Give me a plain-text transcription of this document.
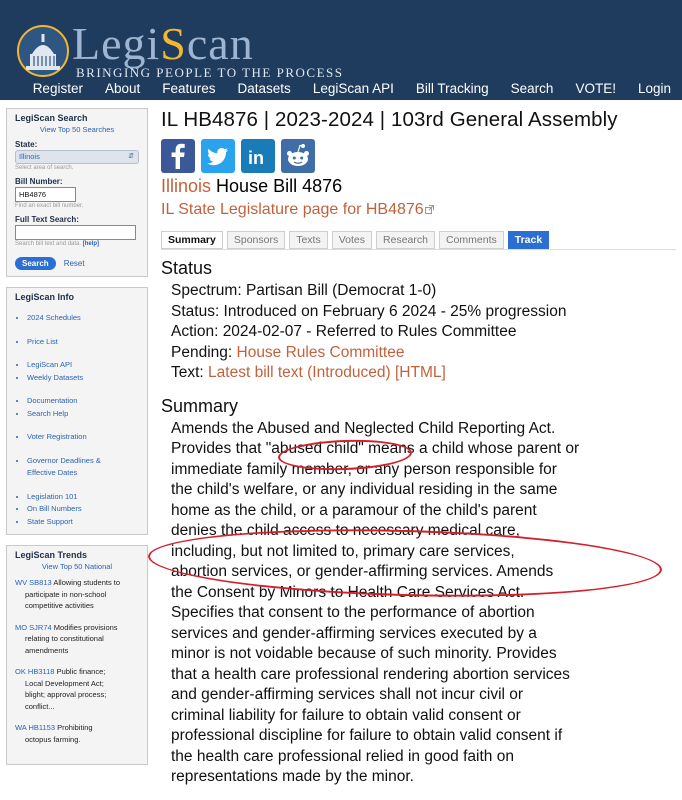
LegiScan
BRINGING PEOPLE TO THE PROCESS
Register	About	Features	Datasets	LegiScan API	Bill Tracking	Search	VOTE!	Login
LegiScan Search
View Top 50 Searches
State:
Illinois	⇵
Select area of search.
Bill Number:
HB4876
Find an exact bill number.
Full Text Search:
Search bill text and data. [help]
Search	Reset
LegiScan Info
• 2024 Schedules
• Price List
• LegiScan API
• Weekly Datasets
• Documentation
• Search Help
• Voter Registration
• Governor Deadlines &
Effective Dates
• Legislation 101
• On Bill Numbers
• State Support
LegiScan Trends
View Top 50 National
WV SB813 Allowing students to
participate in non-school
competitive activities
MO SJR74 Modifies provisions
relating to constitutional
amendments
OK HB3118 Public finance;
Local Development Act;
blight; approval process;
conflict...
WA HB1153 Prohibiting
octopus farming.
IL HB4876 | 2023-2024 | 103rd General Assembly
in
Illinois House Bill 4876
IL State Legislature page for HB4876
Summary	Sponsors	Texts	Votes	Research	Comments	Track
Status
Spectrum: Partisan Bill (Democrat 1-0)
Status: Introduced on February 6 2024 - 25% progression
Action: 2024-02-07 - Referred to Rules Committee
Pending: House Rules Committee
Text: Latest bill text (Introduced) [HTML]
Summary
Amends the Abused and Neglected Child Reporting Act.
Provides that "abused child" means a child whose parent or
immediate family member, or any person responsible for
the child's welfare, or any individual residing in the same
home as the child, or a paramour of the child's parent
denies the child access to necessary medical care,
including, but not limited to, primary care services,
abortion services, or gender-affirming services. Amends
the Consent by Minors to Health Care Services Act.
Specifies that consent to the performance of abortion
services and gender-affirming services executed by a
minor is not voidable because of such minority. Provides
that a health care professional rendering abortion services
and gender-affirming services shall not incur civil or
criminal liability for failure to obtain valid consent or
professional discipline for failure to obtain valid consent if
the health care professional relied in good faith on
representations made by the minor.
